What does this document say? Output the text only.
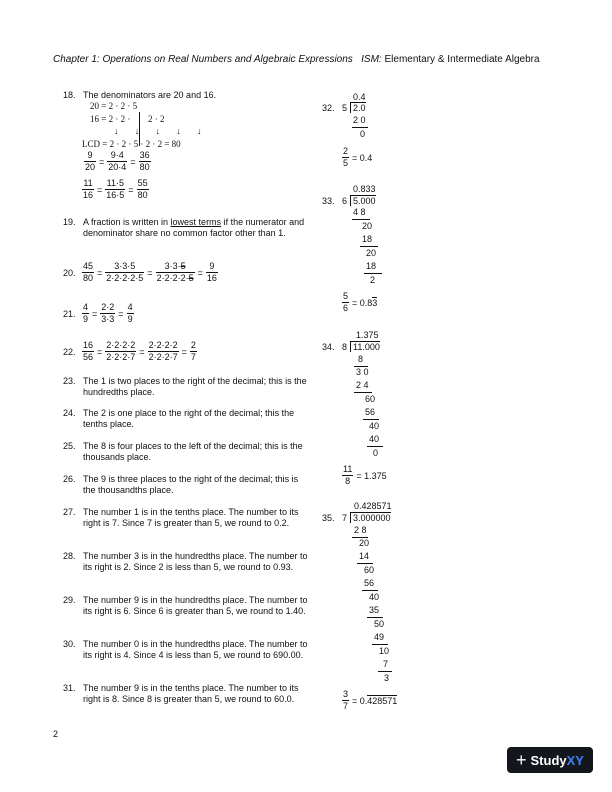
Chapter 1: Operations on Real Numbers and Algebraic Expressions ISM: Elementary & Intermediate Algebra
18. The denominators are 20 and 16.
20 = 2 · 2 · 5
16 = 2 · 2 · 2 · 2
↓ ↓ ↓ ↓ ↓
LCD = 2 · 2 · 5 · 2 · 2 = 80
$\frac{9}{20} = \frac{9\cdot 4}{20\cdot 4} = \frac{36}{80}$
$\frac{11}{16} = \frac{11\cdot 5}{16\cdot 5} = \frac{55}{80}$
19. A fraction is written in lowest terms if the numerator and denominator share no common factor other than 1.
20. $\frac{45}{80} = \frac{3\cdot 3\cdot 5}{2\cdot 2\cdot 2\cdot 2\cdot 5} = \frac{3\cdot 3\cdot 5}{2\cdot 2\cdot 2\cdot 2\cdot 5} = \frac{9}{16}$
21. $\frac{4}{9} = \frac{2\cdot 2}{3\cdot 3} = \frac{4}{9}$
22. $\frac{16}{56} = \frac{2\cdot 2\cdot 2\cdot 2}{2\cdot 2\cdot 2\cdot 7} = \frac{2\cdot 2\cdot 2\cdot 2}{2\cdot 2\cdot 2\cdot 7} = \frac{2}{7}$
23. The 1 is two places to the right of the decimal; this is the hundredths place.
24. The 2 is one place to the right of the decimal; this the tenths place.
25. The 8 is four places to the left of the decimal; this is the thousands place.
26. The 9 is three places to the right of the decimal; this is the thousandths place.
27. The number 1 is in the tenths place. The number to its right is 7. Since 7 is greater than 5, we round to 0.2.
28. The number 3 is in the hundredths place. The number to its right is 2. Since 2 is less than 5, we round to 0.93.
29. The number 9 is in the hundredths place. The number to its right is 6. Since 6 is greater than 5, we round to 1.40.
30. The number 0 is in the hundredths place. The number to its right is 4. Since 4 is less than 5, we round to 690.00.
31. The number 9 is in the tenths place. The number to its right is 8. Since 8 is greater than 5, we round to 60.0.
32.
0.4
5 2.0
2 0
0
$\frac{2}{5} = 0.4$
33.
0.833
6 5.000
4 8
20
18
20
18
2
$\frac{5}{6} = 0.83$
34.
1.375
8 11.000
8
3 0
2 4
60
56
40
40
0
$\frac{11}{8} = 1.375$
35.
0.428571
7 3.000000
2 8
20
14
60
56
40
35
50
49
10
7
3
$\frac{3}{7} = 0.428571$
2
+ StudyXY
